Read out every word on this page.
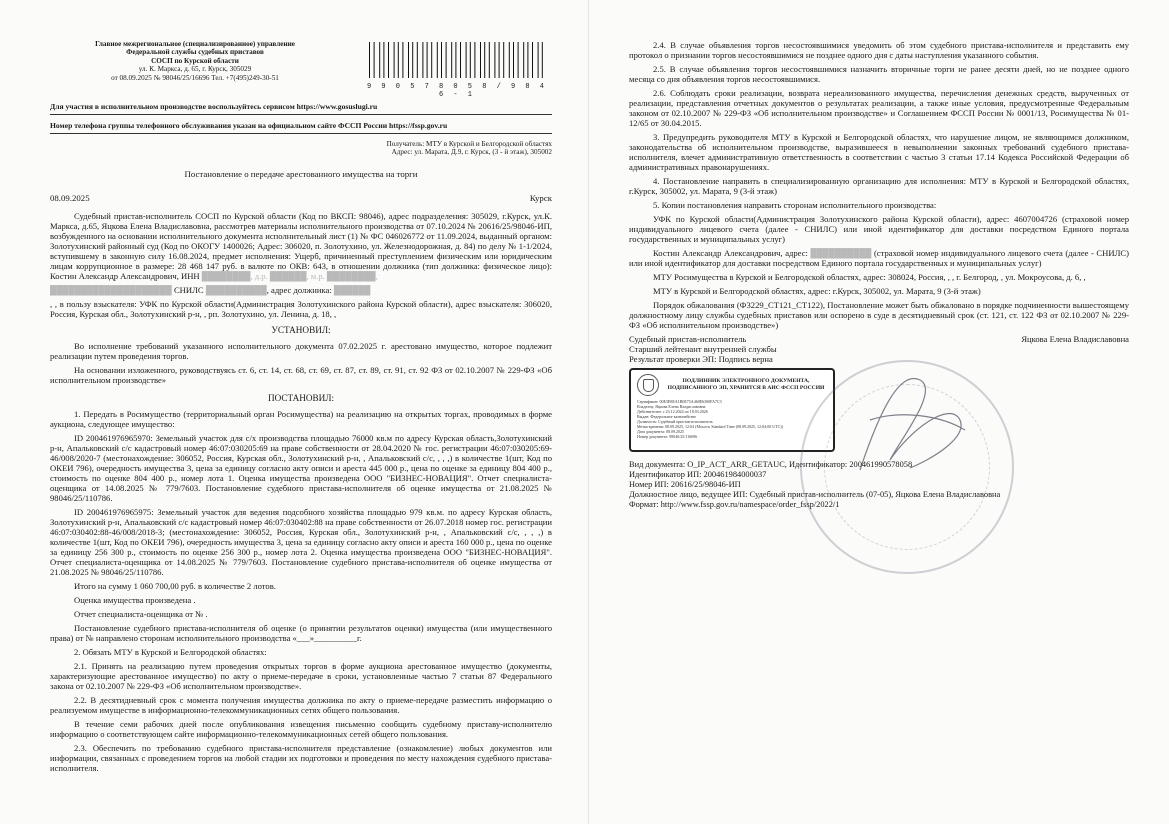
Главное межрегиональное (специализированное) управление
Федеральной службы судебных приставов
СОСП по Курской области
ул. К. Маркса, д. 65, г. Курск, 305029
от 08.09.2025 № 98046/25/16696 Тел. +7(495)249-30-51
9 9 0 5 7 8 0 5 8 / 9 8 4 6 - 1
Для участия в исполнительном производстве воспользуйтесь сервисом https://www.gosuslugi.ru
Номер телефона группы телефонного обслуживания указан на официальном сайте ФССП России https://fssp.gov.ru
Получатель: МТУ в Курской и Белгородской областях
Адрес: ул. Марата, Д.9, г. Курск, (3 - й этаж), 305002
Постановление о передаче арестованного имущества на торги
08.09.2025	Курск

Судебный пристав-исполнитель СОСП по Курской области (Код по ВКСП: 98046), адрес подразделения: 305029, г.Курск, ул.К. Маркса, д.65, Яцкова Елена Владиславовна, рассмотрев материалы исполнительного производства от 07.10.2024 № 20616/25/98046-ИП, возбужденного на основании исполнительного документа исполнительный лист (1) № ФС 046026772 от 11.09.2024, выданный органом: Золотухинский районный суд (Код по ОКОГУ 1400026; Адрес: 306020, п. Золотухино, ул. Железнодорожная, д. 84) по делу № 1-1/2024, вступившему в законную силу 16.08.2024, предмет исполнения: Ущерб, причиненный преступлением физическим или юридическим лицам коррупционное в размере: 28 468 147 руб. в валюте по ОКВ: 643, в отношении должника (тип должника: физическое лицо): Костин Александр Александрович, ИНН ████████, д.р. ██████, м.р. ████████,

████████████████████ СНИЛС ██████████, адрес должника: ██████

, , в пользу взыскателя: УФК по Курской области(Администрация Золотухинского района Курской области), адрес взыскателя: 306020, Россия, Курская обл., Золотухинский р-н, , рп. Золотухино, ул. Ленина, д. 18, ,

УСТАНОВИЛ:

Во исполнение требований указанного исполнительного документа 07.02.2025 г. арестовано имущество, которое подлежит реализации путем проведения торгов.

На основании изложенного, руководствуясь ст. 6, ст. 14, ст. 68, ст. 69, ст. 87, ст. 89, ст. 91, ст. 92 ФЗ от 02.10.2007 № 229-ФЗ «Об исполнительном производстве»

ПОСТАНОВИЛ:

1. Передать в Росимущество (территориальный орган Росимущества) на реализацию на открытых торгах, проводимых в форме аукциона, следующее имущество:

ID 200461976965970: Земельный участок для с/х производства площадью 76000 кв.м по адресу Курская область,Золотухинский р-н, Апальковский с/с кадастровый номер 46:07:030205:69 на праве собственности от 28.04.2020 № гос. регистрации 46:07:030205:69-46/008/2020-7 (местонахождение: 306052, Россия, Курская обл., Золотухинский р-н, , Апальковский с/с, , , ,) в количестве 1(шт, Код по ОКЕИ 796), очередность имущества 3, цена за единицу согласно акту описи и ареста 445 000 р., цена по оценке за единицу 804 400 р., стоимость по оценке 804 400 р., номер лота 1. Оценка имущества произведена ООО "БИЗНЕС-НОВАЦИЯ". Отчет специалиста-оценщика от 14.08.2025 № 779/7603. Постановление судебного пристава-исполнителя об оценке имущества от 21.08.2025 № 98046/25/110786.

ID 200461976965975: Земельный участок для ведения подсобного хозяйства площадью 979 кв.м. по адресу Курская область, Золотухинский р-н, Апальковский с/с кадастровый номер 46:07:030402:88 на праве собственности от 26.07.2018 номер гос. регистрации 46:07:030402:88-46/008/2018-3; (местонахождение: 306052, Россия, Курская обл., Золотухинский р-н, , Апальковский с/с, , , ,) в количестве 1(шт, Код по ОКЕИ 796), очередность имущества 3, цена за единицу согласно акту описи и ареста 160 000 р., цена по оценке за единицу 256 300 р., стоимость по оценке 256 300 р., номер лота 2. Оценка имущества произведена ООО "БИЗНЕС-НОВАЦИЯ". Отчет специалиста-оценщика от 14.08.2025 № 779/7603. Постановление судебного пристава-исполнителя об оценке имущества от 21.08.2025 № 98046/25/110786.

Итого на сумму 1 060 700,00 руб. в количестве 2 лотов.

Оценка имущества произведена .

Отчет специалиста-оценщика от № .

Постановление судебного пристава-исполнителя об оценке (о принятии результатов оценки) имущества (или имущественного права) от № направлено сторонам исполнительного производства «___»__________г.

2. Обязать МТУ в Курской и Белгородской областях:

2.1. Принять на реализацию путем проведения открытых торгов в форме аукциона арестованное имущество (документы, характеризующие арестованное имущество) по акту о приеме-передаче в сроки, установленные частью 7 статьи 87 Федерального закона от 02.10.2007 № 229-ФЗ «Об исполнительном производстве».

2.2. В десятидневный срок с момента получения имущества должника по акту о приеме-передаче разместить информацию о реализуемом имуществе в информационно-телекоммуникационных сетях общего пользования.

В течение семи рабочих дней после опубликования извещения письменно сообщить судебному приставу-исполнителю информацию о соответствующем сайте информационно-телекоммуникационных сетей общего пользования.

2.3. Обеспечить по требованию судебного пристава-исполнителя представление (ознакомление) любых документов или информации, связанных с проведением торгов на любой стадии их подготовки и проведения по месту нахождения судебного пристава-исполнителя.

2.4. В случае объявления торгов несостоявшимися уведомить об этом судебного пристава-исполнителя и представить ему протокол о признании торгов несостоявшимися не позднее одного дня с даты наступления указанного события.

2.5. В случае объявления торгов несостоявшимися назначить вторичные торги не ранее десяти дней, но не позднее одного месяца со дня объявления торгов несостоявшимися.

2.6. Соблюдать сроки реализации, возврата нереализованного имущества, перечисления денежных средств, вырученных от реализации, представления отчетных документов о результатах реализации, а также иные условия, предусмотренные Федеральным законом от 02.10.2007 № 229-ФЗ «Об исполнительном производстве» и Соглашением ФССП России № 0001/13, Росимущества № 01-12/65 от 30.04.2015.

3. Предупредить руководителя МТУ в Курской и Белгородской областях, что нарушение лицом, не являющимся должником, законодательства об исполнительном производстве, выразившееся в невыполнении законных требований судебного пристава-исполнителя, влечет административную ответственность в соответствии с частью 3 статьи 17.14 Кодекса Российской Федерации об административных правонарушениях.

4. Постановление направить в специализированную организацию для исполнения: МТУ в Курской и Белгородской областях, г.Курск, 305002, ул. Марата, 9 (3-й этаж)

5. Копии постановления направить сторонам исполнительного производства:

УФК по Курской области(Администрация Золотухинского района Курской области), адрес: 4607004726 (страховой номер индивидуального лицевого счета (далее - СНИЛС) или иной идентификатор для доставки посредством Единого портала государственных и муниципальных услуг)

Костин Александр Александрович, адрес: ██████████ (страховой номер индивидуального лицевого счета (далее - СНИЛС) или иной идентификатор для доставки посредством Единого портала государственных и муниципальных услуг)

МТУ Росимущества в Курской и Белгородской областях, адрес: 308024, Россия, , , г. Белгород, , ул. Мокроусова, д. 6, ,

МТУ в Курской и Белгородской областях, адрес: г.Курск, 305002, ул. Марата, 9 (3-й этаж)

Порядок обжалования (Ф3229_СТ121_СТ122), Постановление может быть обжаловано в порядке подчиненности вышестоящему должностному лицу службы судебных приставов или оспорено в суде в десятидневный срок (ст. 121, ст. 122 ФЗ от 02.10.2007 № 229-ФЗ «Об исполнительном производстве»)

Судебный пристав-исполнитель	Яцкова Елена Владиславовна
Старший лейтенант внутренней службы
Результат проверки ЭП: Подпись верна
ПОДЛИННИК ЭЛЕКТРОННОГО ДОКУМЕНТА, ПОДПИСАННОГО ЭП, ХРАНИТСЯ В АИС ФССП РОССИИ
Сертификат: 00E3E8EA1B0E75A460E6300FA7C3
Владелец: Яцкова Елена Владиславовна
Действителен: с 23.12.2024 по 18.03.2026
Выдан: Федеральное казначейство
Должность: Судебный пристав-исполнитель
Метка времени: 08.09.2025, 12:04 (Moscow Standard Time (08.09.2025, 12:04:00 UTC))
Дата документа: 08.09.2025
Номер документа: 98046/25/116696
Вид документа: O_IP_ACT_ARR_GETAUC, Идентификатор: 200461990578058
Идентификатор ИП: 200461984000037
Номер ИП: 20616/25/98046-ИП
Должностное лицо, ведущее ИП: Судебный пристав-исполнитель (07-05), Яцкова Елена Владиславовна
Формат: http://www.fssp.gov.ru/namespace/order_fssp/2022/1
